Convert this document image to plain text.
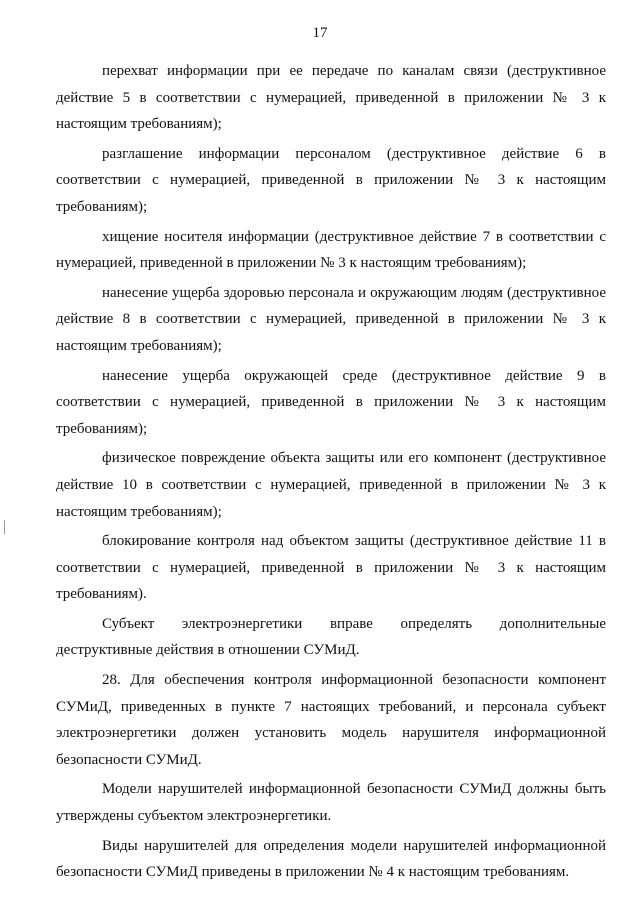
17

перехват информации при ее передаче по каналам связи (деструктивное действие 5 в соответствии с нумерацией, приведенной в приложении № 3 к настоящим требованиям);

разглашение информации персоналом (деструктивное действие 6 в соответствии с нумерацией, приведенной в приложении № 3 к настоящим требованиям);

хищение носителя информации (деструктивное действие 7 в соответствии с нумерацией, приведенной в приложении № 3 к настоящим требованиям);

нанесение ущерба здоровью персонала и окружающим людям (деструктивное действие 8 в соответствии с нумерацией, приведенной в приложении № 3 к настоящим требованиям);

нанесение ущерба окружающей среде (деструктивное действие 9 в соответствии с нумерацией, приведенной в приложении № 3 к настоящим требованиям);

физическое повреждение объекта защиты или его компонент (деструктивное действие 10 в соответствии с нумерацией, приведенной в приложении № 3 к настоящим требованиям);

блокирование контроля над объектом защиты (деструктивное действие 11 в соответствии с нумерацией, приведенной в приложении № 3 к настоящим требованиям).

Субъект электроэнергетики вправе определять дополнительные деструктивные действия в отношении СУМиД.

28. Для обеспечения контроля информационной безопасности компонент СУМиД, приведенных в пункте 7 настоящих требований, и персонала субъект электроэнергетики должен установить модель нарушителя информационной безопасности СУМиД.

Модели нарушителей информационной безопасности СУМиД должны быть утверждены субъектом электроэнергетики.

Виды нарушителей для определения модели нарушителей информационной безопасности СУМиД приведены в приложении № 4 к настоящим требованиям.
